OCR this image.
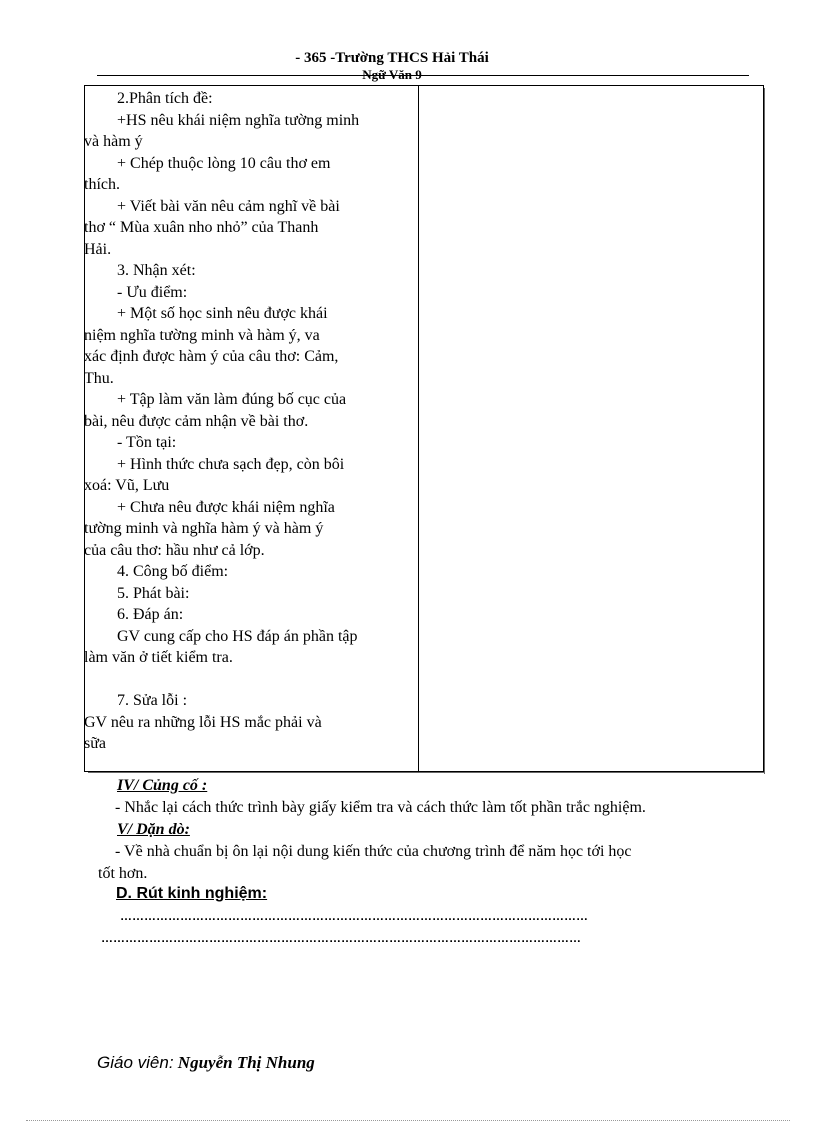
- 365 -Trường THCS Hải Thái
Ngữ Văn 9

2.Phân tích đề:

+HS nêu khái niệm nghĩa tường minh

và hàm ý

+ Chép thuộc lòng 10 câu thơ em

thích.

+ Viết bài văn nêu cảm nghĩ về bài

thơ “ Mùa xuân nho nhỏ” của Thanh

Hải.

3. Nhận xét:

- Ưu điểm:

+ Một số học sinh nêu được khái

niệm nghĩa tường minh và hàm ý, va

xác định được hàm ý của câu thơ: Cảm,

Thu.

+ Tập làm văn làm đúng bố cục của

bài, nêu được cảm nhận về bài thơ.

- Tồn tại:

+ Hình thức chưa sạch đẹp, còn bôi

xoá: Vũ, Lưu

+ Chưa nêu được khái niệm nghĩa

tường minh và nghĩa hàm ý và hàm ý

của câu thơ: hầu như cả lớp.

4. Công bố điểm:

5. Phát bài:

6. Đáp án:

GV cung cấp cho HS đáp án phần tập

làm văn ở tiết kiểm tra.

7. Sửa lỗi :

GV nêu ra những lỗi HS mắc phải và

sữa

IV/ Củng cố :

- Nhắc lại cách thức trình bày giấy kiểm tra và cách thức làm tốt phần trắc nghiệm.

V/ Dặn dò:

- Về nhà chuẩn bị ôn lại nội dung kiến thức của chương trình để năm học tới học

tốt hơn.

D. Rút kinh nghiệm:

………………………………………………………………………………………………………
…………………………………………………………………………………………………………
Giáo viên: Nguyễn Thị Nhung
